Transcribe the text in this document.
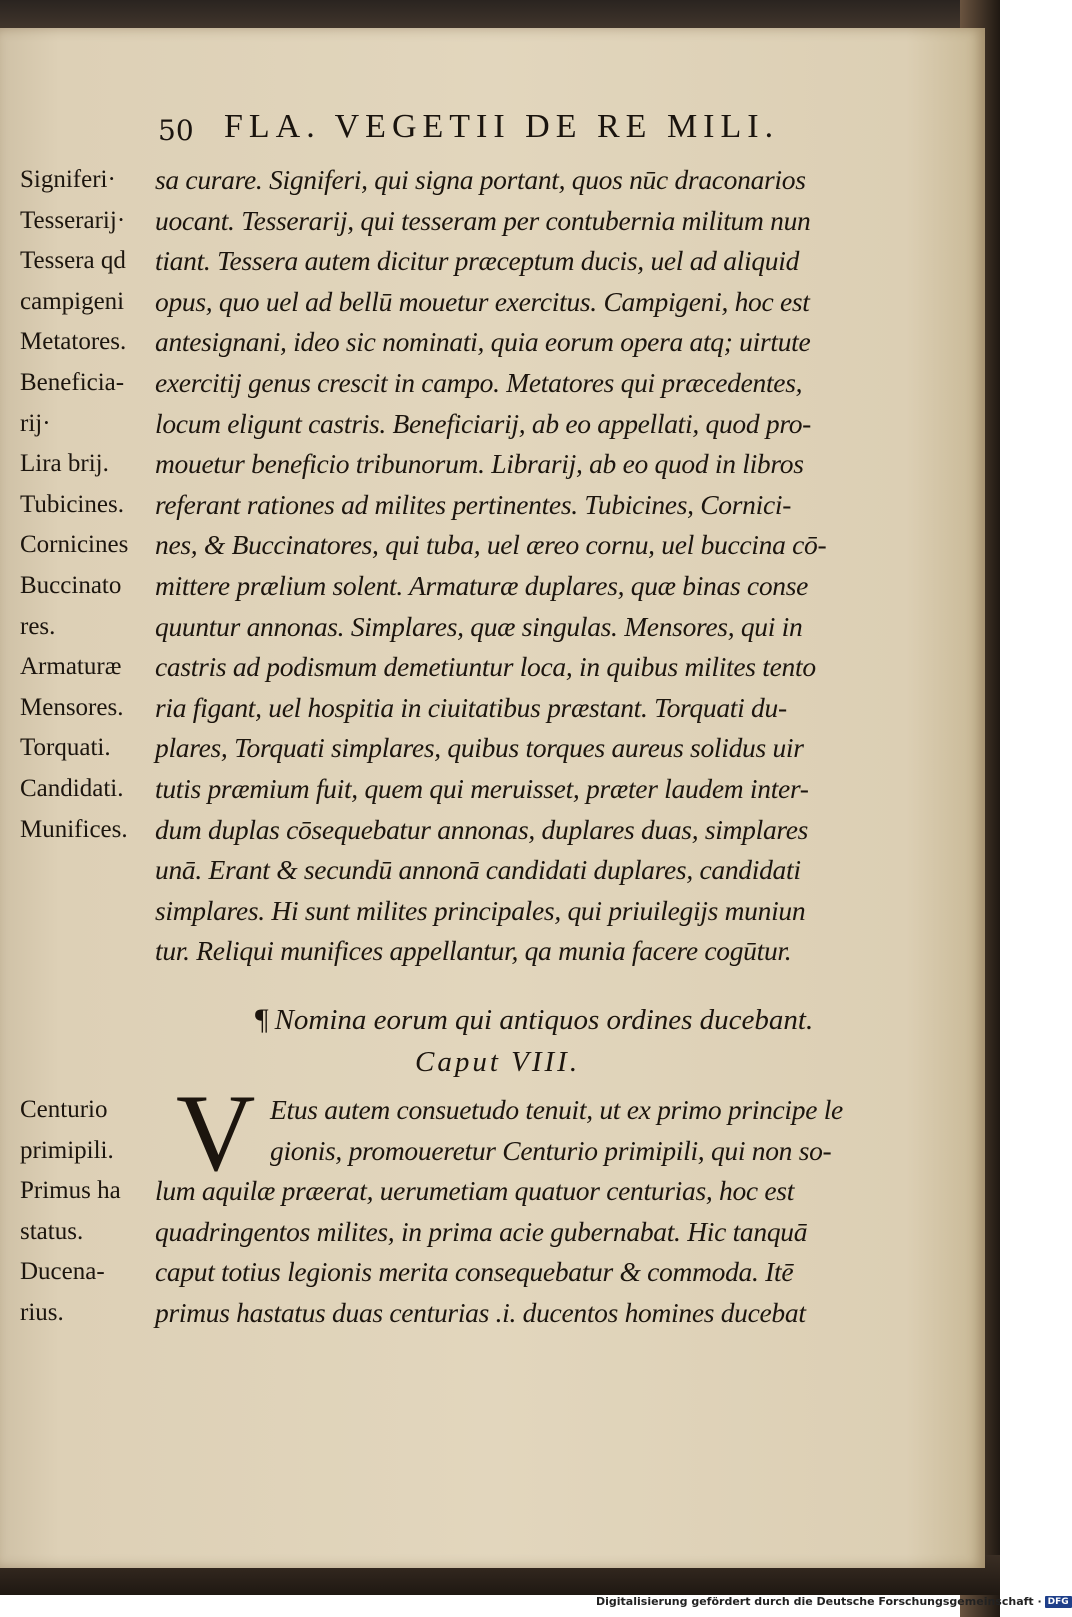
50 FLA. VEGETII DE RE MILI.
Signiferi·
Tesserarij·
Tessera qd
campigeni
Metatores.
Beneficia-
rij·
Lira brij.
Tubicines.
Cornicines
Buccinato
res.
Armaturæ
Mensores.
Torquati.
Candidati.
Munifices.
sa curare. Signiferi, qui signa portant, quos nūc draconarios
uocant. Tesserarij, qui tesseram per contubernia militum nun
tiant. Tessera autem dicitur præceptum ducis, uel ad aliquid
opus, quo uel ad bellū mouetur exercitus. Campigeni, hoc est
antesignani, ideo sic nominati, quia eorum opera atq; uirtute
exercitij genus crescit in campo. Metatores qui præcedentes,
locum eligunt castris. Beneficiarij, ab eo appellati, quod pro-
mouetur beneficio tribunorum. Librarij, ab eo quod in libros
referant rationes ad milites pertinentes. Tubicines, Cornici-
nes, & Buccinatores, qui tuba, uel æreo cornu, uel buccina cō-
mittere prælium solent. Armaturæ duplares, quæ binas conse
quuntur annonas. Simplares, quæ singulas. Mensores, qui in
castris ad podismum demetiuntur loca, in quibus milites tento
ria figant, uel hospitia in ciuitatibus præstant. Torquati du-
plares, Torquati simplares, quibus torques aureus solidus uir
tutis præmium fuit, quem qui meruisset, præter laudem inter-
dum duplas cōsequebatur annonas, duplares duas, simplares
unā. Erant & secundū annonā candidati duplares, candidati
simplares. Hi sunt milites principales, qui priuilegijs muniun
tur. Reliqui munifices appellantur, qa munia facere cogūtur.
¶ Nomina eorum qui antiquos ordines ducebant.
Caput VIII.
V
Centurio
primipili.
Primus ha
status.
Ducena-
rius.
Etus autem consuetudo tenuit, ut ex primo principe le
gionis, promoueretur Centurio primipili, qui non so-
lum aquilæ præerat, uerumetiam quatuor centurias, hoc est
quadringentos milites, in prima acie gubernabat. Hic tanquā
caput totius legionis merita consequebatur & commoda. Itē
primus hastatus duas centurias .i. ducentos homines ducebat
Digitalisierung gefördert durch die Deutsche Forschungsgemeinschaft · DFG
